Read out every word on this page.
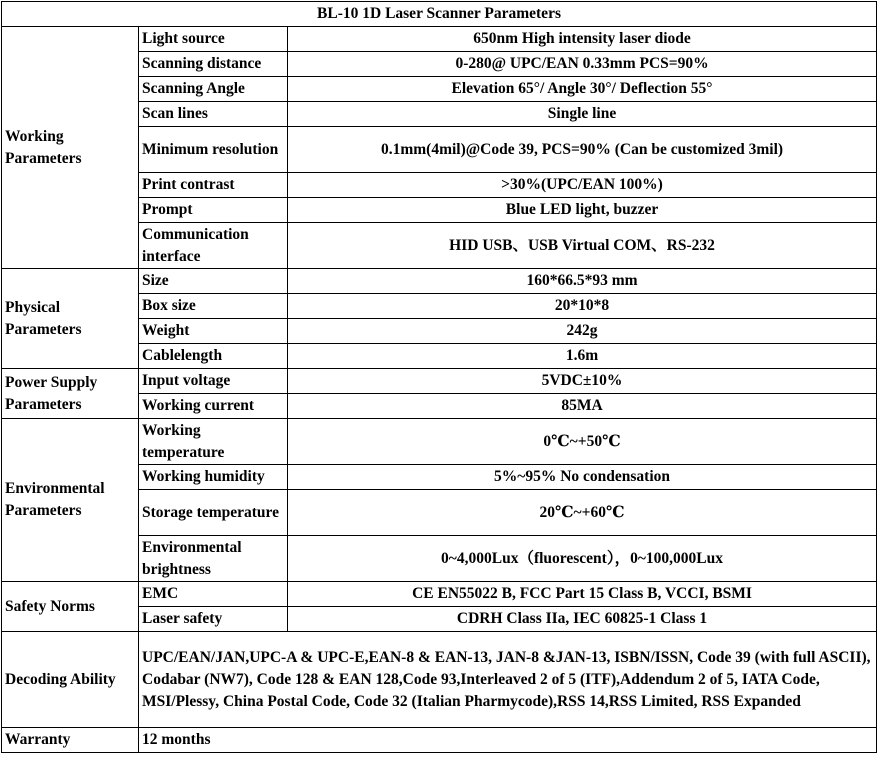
BL-10 1D Laser Scanner Parameters		
Working Parameters	Light source	650nm High intensity laser diode
	Scanning distance	0-280@ UPC/EAN 0.33mm PCS=90%
	Scanning Angle	Elevation 65°/ Angle 30°/ Deflection 55°
	Scan lines	Single line
	Minimum resolution	0.1mm(4mil)@Code 39, PCS=90% (Can be customized 3mil)
	Print contrast	>30%(UPC/EAN 100%)
	Prompt	Blue LED light, buzzer
	Communication interface	HID USB、USB Virtual COM、RS-232
Physical Parameters	Size	160*66.5*93 mm
	Box size	20*10*8
	Weight	242g
	Cablelength	1.6m
Power Supply Parameters	Input voltage	5VDC±10%
	Working current	85MA
Environmental Parameters	Working temperature	0℃~+50℃
	Working humidity	5%~95% No condensation
	Storage temperature	20℃~+60℃
	Environmental brightness	0~4,000Lux（fluorescent），0~100,000Lux
Safety Norms	EMC	CE EN55022 B, FCC Part 15 Class B, VCCI, BSMI
	Laser safety	CDRH Class IIa, IEC 60825-1 Class 1
Decoding Ability	UPC/EAN/JAN,UPC-A & UPC-E,EAN-8 & EAN-13, JAN-8 &JAN-13, ISBN/ISSN, Code 39 (with full ASCII), Codabar (NW7), Code 128 & EAN 128,Code 93,Interleaved 2 of 5 (ITF),Addendum 2 of 5, IATA Code, MSI/Plessy, China Postal Code, Code 32 (Italian Pharmycode),RSS 14,RSS Limited, RSS Expanded	
Warranty	12 months	
